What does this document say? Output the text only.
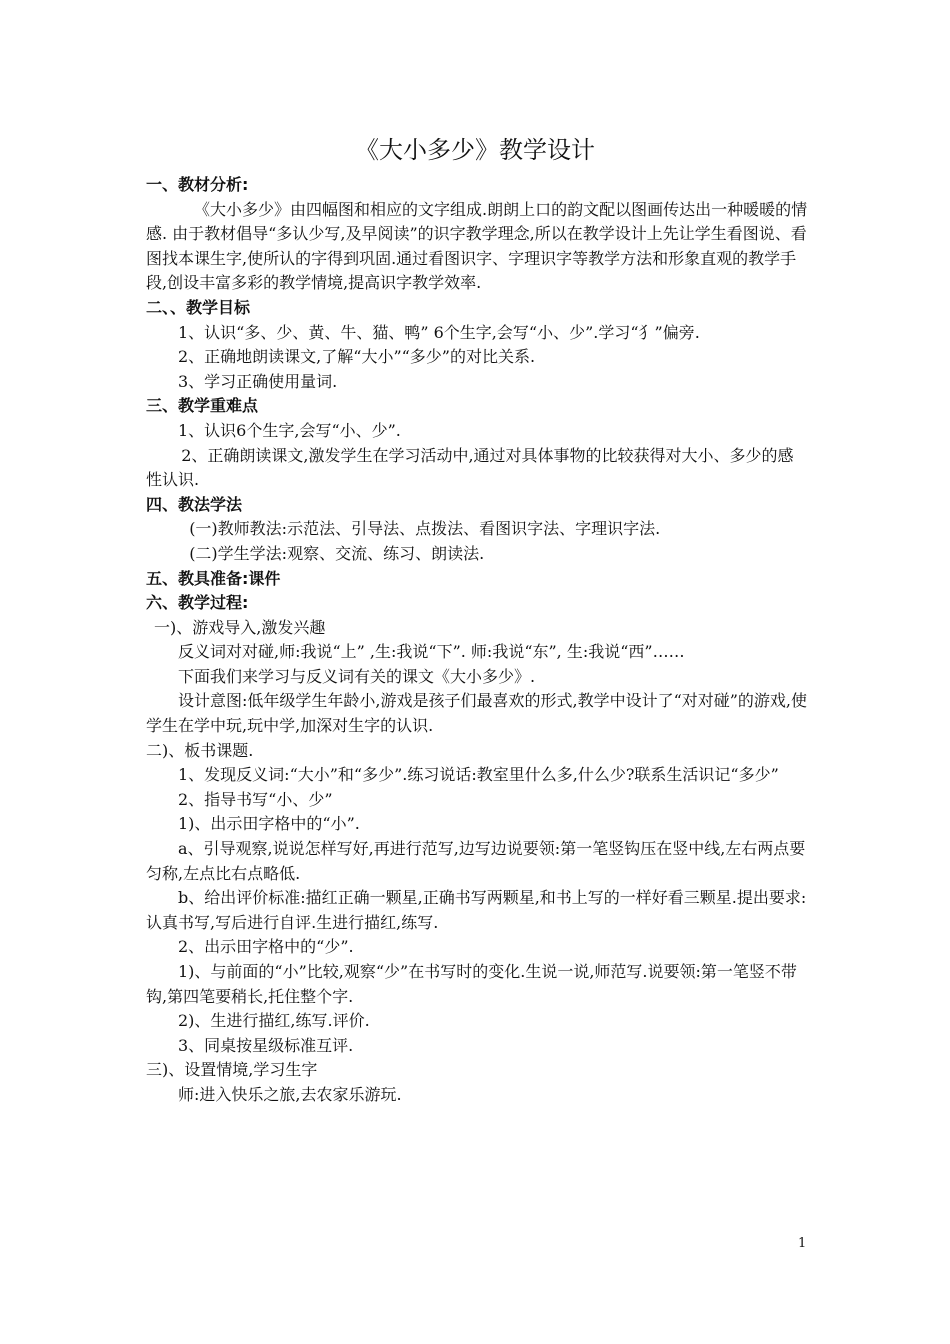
《大小多少》教学设计

一、教材分析:

《大小多少》由四幅图和相应的文字组成.朗朗上口的韵文配以图画传达出一种暖暖的情感. 由于教材倡导“多认少写,及早阅读”的识字教学理念,所以在教学设计上先让学生看图说、看图找本课生字,使所认的字得到巩固.通过看图识字、字理识字等教学方法和形象直观的教学手段,创设丰富多彩的教学情境,提高识字教学效率.

二、、教学目标

1、认识“多、少、黄、牛、猫、鸭” 6个生字,会写“小、少”.学习“犭”偏旁.

2、正确地朗读课文,了解“大小”“多少”的对比关系.

3、学习正确使用量词.

三、教学重难点

1、认识6个生字,会写“小、少”.

2、正确朗读课文,激发学生在学习活动中,通过对具体事物的比较获得对大小、多少的感性认识.

四、教法学法

(一)教师教法:示范法、引导法、点拨法、看图识字法、字理识字法.

(二)学生学法:观察、交流、练习、朗读法.

五、教具准备:课件

六、教学过程:

一)、游戏导入,激发兴趣

反义词对对碰,师:我说“上” ,生:我说“下”. 师:我说“东”, 生:我说“西”……

下面我们来学习与反义词有关的课文《大小多少》.

设计意图:低年级学生年龄小,游戏是孩子们最喜欢的形式,教学中设计了“对对碰”的游戏,使学生在学中玩,玩中学,加深对生字的认识.

二)、板书课题.

1、发现反义词:“大小”和“多少”.练习说话:教室里什么多,什么少?联系生活识记“多少”

2、指导书写“小、少”

1)、出示田字格中的“小”.

a、引导观察,说说怎样写好,再进行范写,边写边说要领:第一笔竖钩压在竖中线,左右两点要匀称,左点比右点略低.

b、给出评价标准:描红正确一颗星,正确书写两颗星,和书上写的一样好看三颗星.提出要求:认真书写,写后进行自评.生进行描红,练写.

2、出示田字格中的“少”.

1)、与前面的“小”比较,观察“少”在书写时的变化.生说一说,师范写.说要领:第一笔竖不带钩,第四笔要稍长,托住整个字.

2)、生进行描红,练写.评价.

3、同桌按星级标准互评.

三)、设置情境,学习生字

师:进入快乐之旅,去农家乐游玩.

1
